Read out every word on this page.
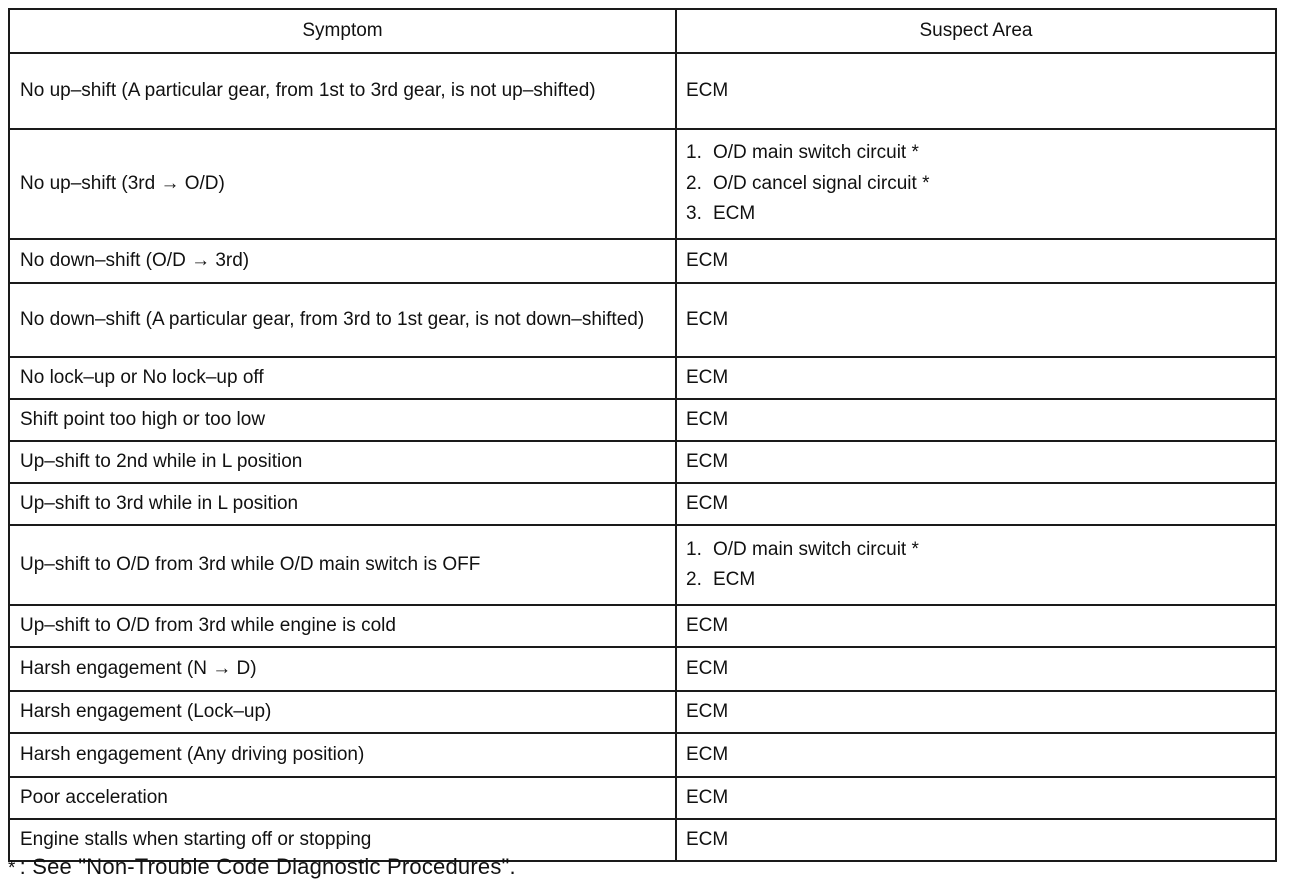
Symptom	Suspect Area
No up–shift (A particular gear, from 1st to 3rd gear, is not up–shifted)	ECM
No up–shift (3rd → O/D)	1. O/D main switch circuit *
2. O/D cancel signal circuit *
3. ECM

No down–shift (O/D → 3rd)	ECM
No down–shift (A particular gear, from 3rd to 1st gear, is not down–shifted)	ECM
No lock–up or No lock–up off	ECM
Shift point too high or too low	ECM
Up–shift to 2nd while in L position	ECM
Up–shift to 3rd while in L position	ECM
Up–shift to O/D from 3rd while O/D main switch is OFF	1. O/D main switch circuit *
2. ECM

Up–shift to O/D from 3rd while engine is cold	ECM
Harsh engagement (N → D)	ECM
Harsh engagement (Lock–up)	ECM
Harsh engagement (Any driving position)	ECM
Poor acceleration	ECM
Engine stalls when starting off or stopping	ECM
* : See "Non-Trouble Code Diagnostic Procedures".
